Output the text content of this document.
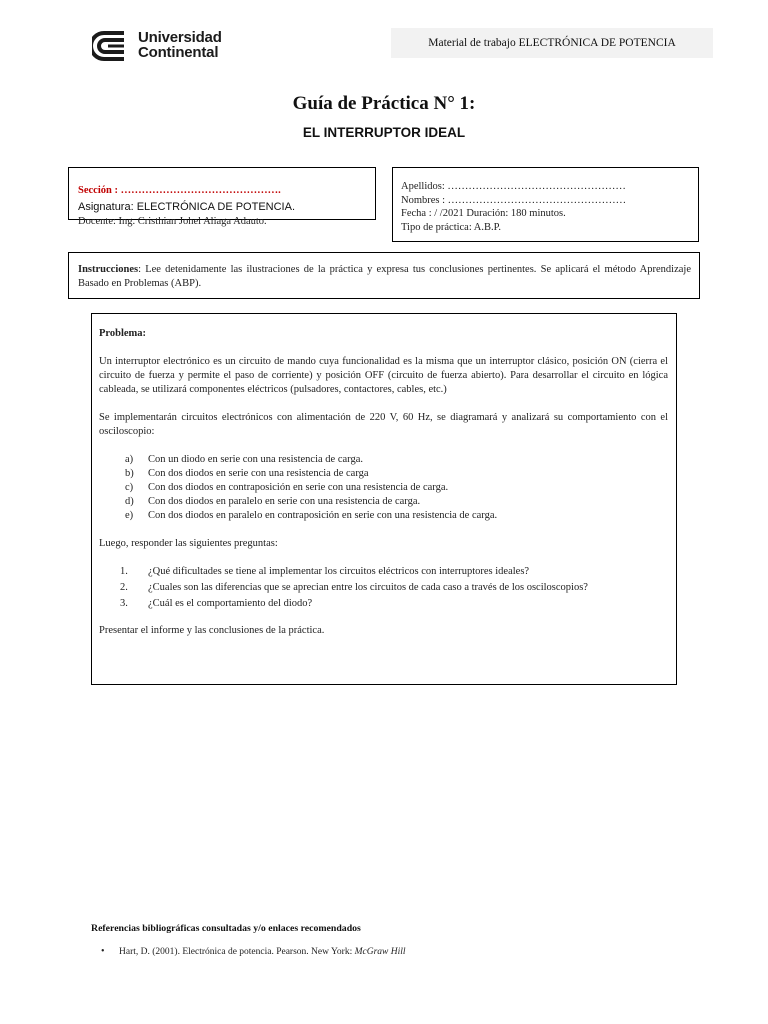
Universidad
Continental
Material de trabajo ELECTRÓNICA DE POTENCIA
Guía de Práctica N° 1:
EL INTERRUPTOR IDEAL
Sección : ……………………………………….
Asignatura: ELECTRÓNICA DE POTENCIA.
Docente: Ing. Cristhian Johel Aliaga Adauto.
Apellidos: ……………………………………………
Nombres : ……………………………………………
Fecha : / /2021 Duración: 180 minutos.
Tipo de práctica: A.B.P.
Instrucciones: Lee detenidamente las ilustraciones de la práctica y expresa tus conclusiones pertinentes. Se aplicará el método Aprendizaje Basado en Problemas (ABP).
Problema:

Un interruptor electrónico es un circuito de mando cuya funcionalidad es la misma que un interruptor clásico, posición ON (cierra el circuito de fuerza y permite el paso de corriente) y posición OFF (circuito de fuerza abierto). Para desarrollar el circuito en lógica cableada, se utilizará componentes eléctricos (pulsadores, contactores, cables, etc.)

Se implementarán circuitos electrónicos con alimentación de 220 V, 60 Hz, se diagramará y analizará su comportamiento con el osciloscopio:

a) Con un diodo en serie con una resistencia de carga.
b) Con dos diodos en serie con una resistencia de carga
c) Con dos diodos en contraposición en serie con una resistencia de carga.
d) Con dos diodos en paralelo en serie con una resistencia de carga.
e) Con dos diodos en paralelo en contraposición en serie con una resistencia de carga.

Luego, responder las siguientes preguntas:

1. ¿Qué dificultades se tiene al implementar los circuitos eléctricos con interruptores ideales?
2. ¿Cuales son las diferencias que se aprecian entre los circuitos de cada caso a través de los osciloscopios?
3. ¿Cuál es el comportamiento del diodo?

Presentar el informe y las conclusiones de la práctica.

Referencias bibliográficas consultadas y/o enlaces recomendados
• Hart, D. (2001). Electrónica de potencia. Pearson. New York: McGraw Hill
